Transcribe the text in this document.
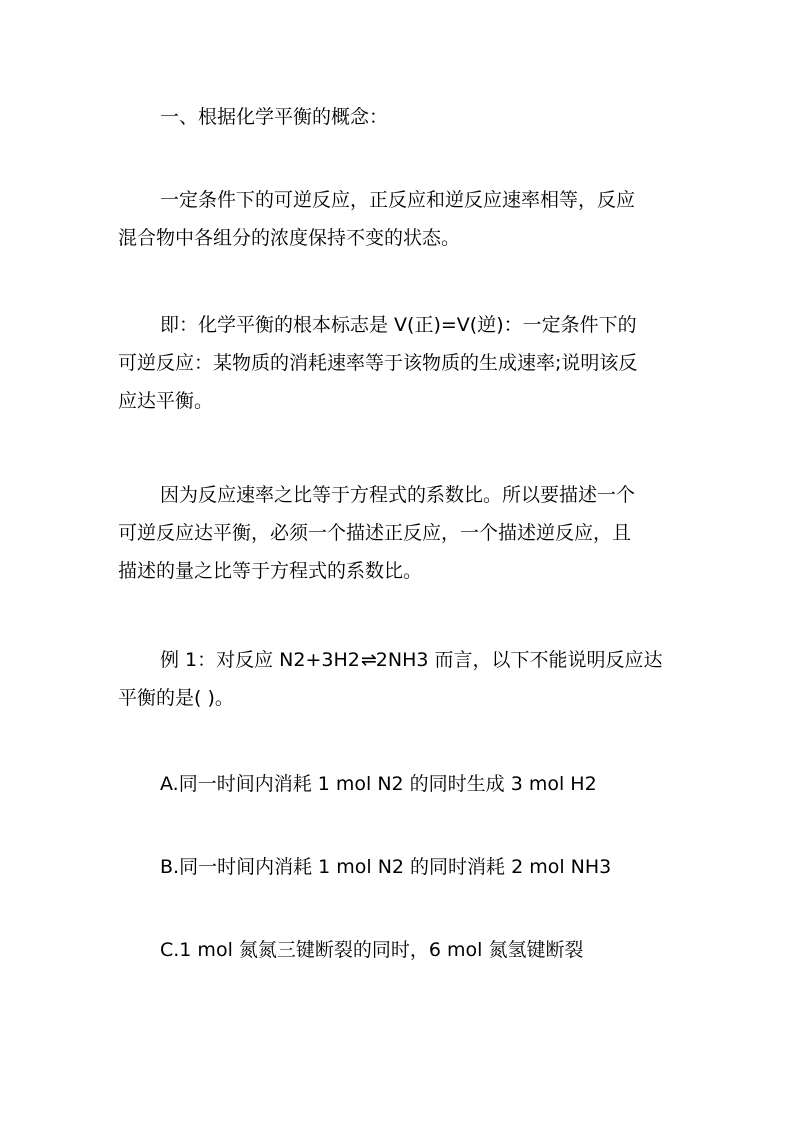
一、根据化学平衡的概念：

一定条件下的可逆反应，正反应和逆反应速率相等，反应
混合物中各组分的浓度保持不变的状态。

即：化学平衡的根本标志是 V(正)=V(逆)：一定条件下的
可逆反应：某物质的消耗速率等于该物质的生成速率;说明该反
应达平衡。

因为反应速率之比等于方程式的系数比。所以要描述一个
可逆反应达平衡，必须一个描述正反应，一个描述逆反应，且
描述的量之比等于方程式的系数比。

例 1：对反应 N2+3H2⇌2NH3 而言，以下不能说明反应达
平衡的是( )。

A.同一时间内消耗 1 mol N2 的同时生成 3 mol H2

B.同一时间内消耗 1 mol N2 的同时消耗 2 mol NH3

C.1 mol 氮氮三键断裂的同时，6 mol 氮氢键断裂
